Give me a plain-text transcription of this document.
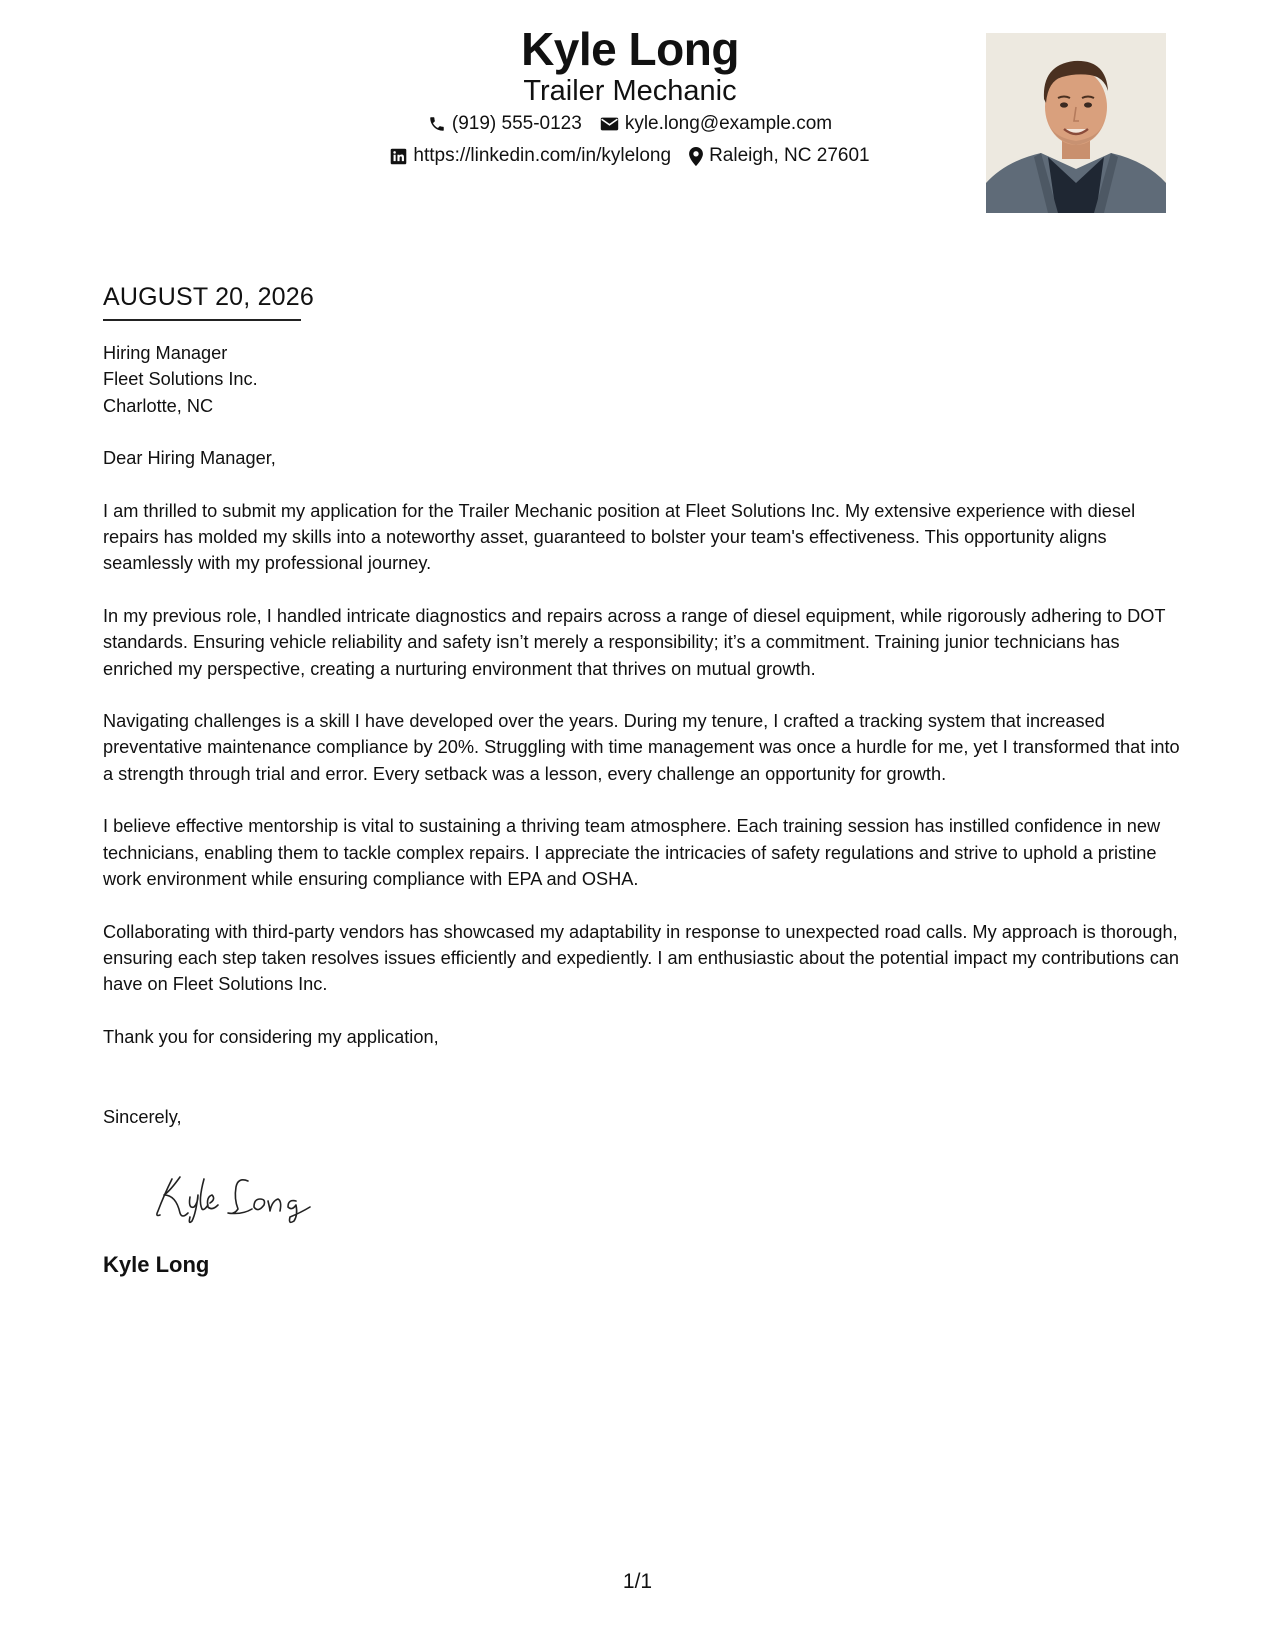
Kyle Long
Trailer Mechanic
(919) 555-0123 kyle.long@example.com
https://linkedin.com/in/kylelong Raleigh, NC 27601
AUGUST 20, 2026

Hiring Manager

Fleet Solutions Inc.

Charlotte, NC

Dear Hiring Manager,

I am thrilled to submit my application for the Trailer Mechanic position at Fleet Solutions Inc. My extensive experience with diesel repairs has molded my skills into a noteworthy asset, guaranteed to bolster your team's effectiveness. This opportunity aligns seamlessly with my professional journey.

In my previous role, I handled intricate diagnostics and repairs across a range of diesel equipment, while rigorously adhering to DOT standards. Ensuring vehicle reliability and safety isn’t merely a responsibility; it’s a commitment. Training junior technicians has enriched my perspective, creating a nurturing environment that thrives on mutual growth.

Navigating challenges is a skill I have developed over the years. During my tenure, I crafted a tracking system that increased preventative maintenance compliance by 20%. Struggling with time management was once a hurdle for me, yet I transformed that into a strength through trial and error. Every setback was a lesson, every challenge an opportunity for growth.

I believe effective mentorship is vital to sustaining a thriving team atmosphere. Each training session has instilled confidence in new technicians, enabling them to tackle complex repairs. I appreciate the intricacies of safety regulations and strive to uphold a pristine work environment while ensuring compliance with EPA and OSHA.

Collaborating with third-party vendors has showcased my adaptability in response to unexpected road calls. My approach is thorough, ensuring each step taken resolves issues efficiently and expediently. I am enthusiastic about the potential impact my contributions can have on Fleet Solutions Inc.

Thank you for considering my application,

Sincerely,

Kyle Long
1/1
